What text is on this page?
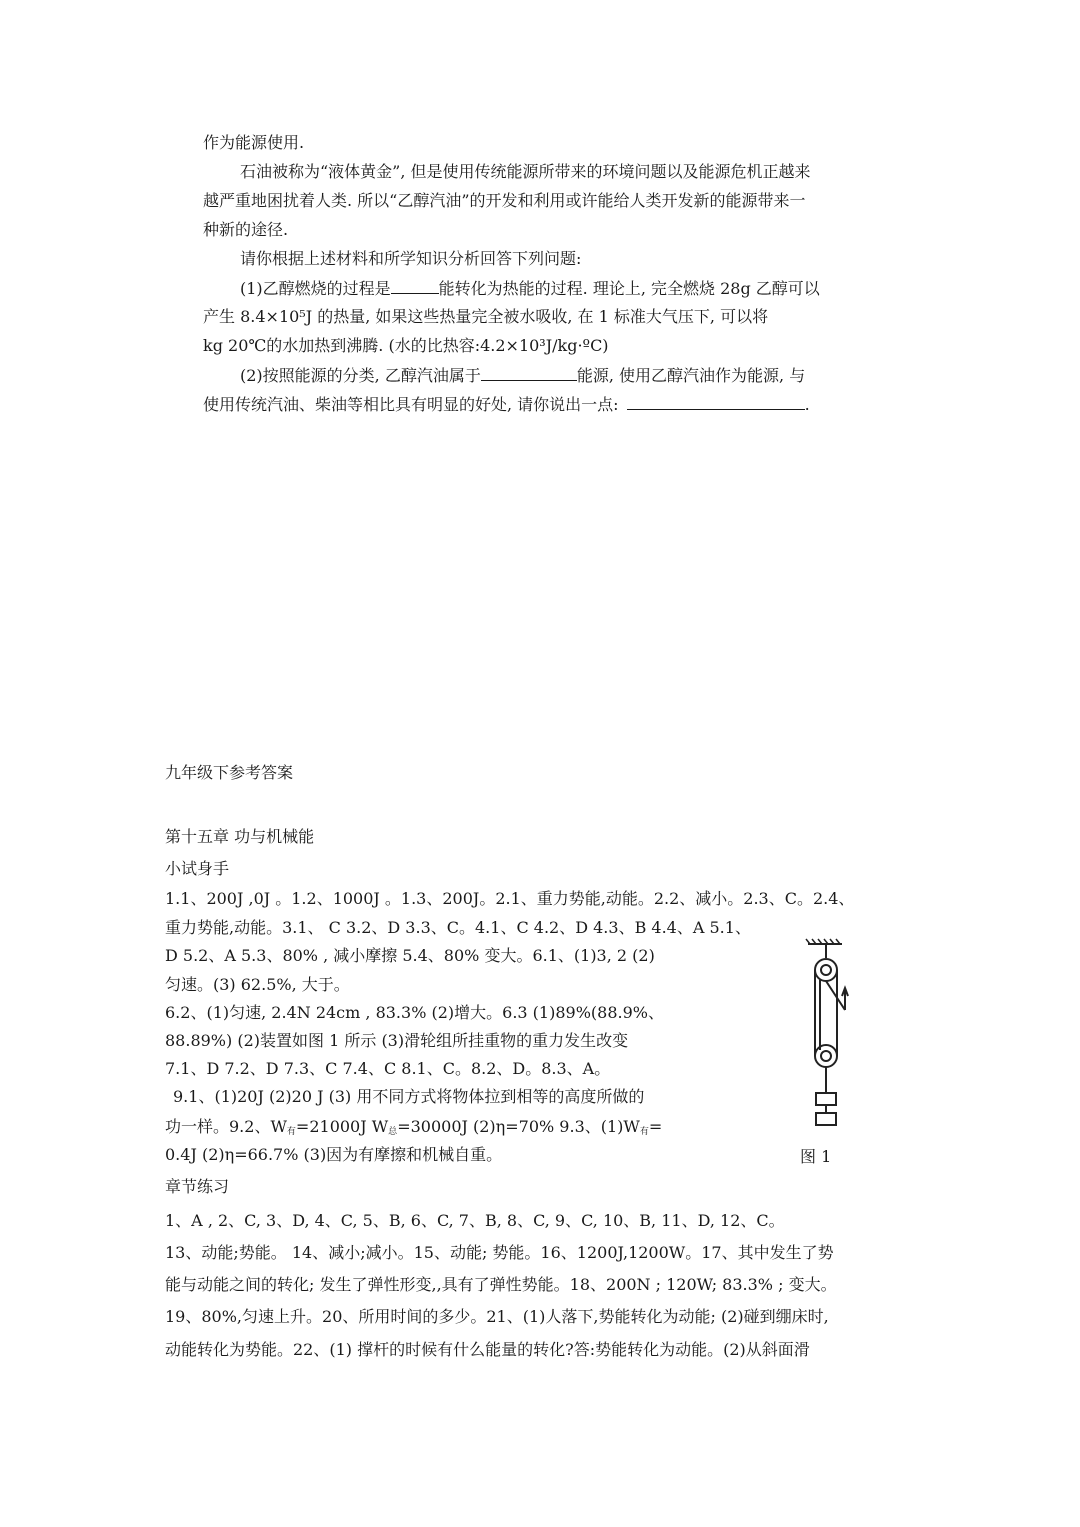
作为能源使用.
石油被称为“液体黄金”, 但是使用传统能源所带来的环境问题以及能源危机正越来
越严重地困扰着人类. 所以“乙醇汽油”的开发和利用或许能给人类开发新的能源带来一
种新的途径.
请你根据上述材料和所学知识分析回答下列问题:
(1)乙醇燃烧的过程是	能转化为热能的过程. 理论上, 完全燃烧 28g 乙醇可以
产生 8.4×10⁵J 的热量, 如果这些热量完全被水吸收, 在 1 标准大气压下, 可以将
kg 20℃的水加热到沸腾. (水的比热容:4.2×10³J/kg·ºC)
(2)按照能源的分类, 乙醇汽油属于	能源, 使用乙醇汽油作为能源, 与
使用传统汽油、柴油等相比具有明显的好处, 请你说出一点:	.
九年级下参考答案
第十五章 功与机械能
小试身手
1.1、200J ,0J 。1.2、1000J 。1.3、200J。2.1、重力势能,动能。2.2、减小。2.3、C。2.4、
重力势能,动能。3.1、 C 3.2、D 3.3、C。4.1、C 4.2、D 4.3、B 4.4、A 5.1、
D 5.2、A 5.3、80% , 减小摩擦 5.4、80% 变大。6.1、(1)3, 2 (2)
匀速。(3) 62.5%, 大于。
6.2、(1)匀速, 2.4N 24cm , 83.3% (2)增大。6.3 (1)89%(88.9%、
88.89%) (2)装置如图 1 所示 (3)滑轮组所挂重物的重力发生改变
7.1、D 7.2、D 7.3、C 7.4、C 8.1、C。8.2、D。8.3、A。
9.1、(1)20J (2)20 J (3) 用不同方式将物体拉到相等的高度所做的
功一样。9.2、$W_有=21000J$ $W_总=30000J$ (2)η=70% 9.3、$(1)W_有=$
0.4J (2)η=66.7% (3)因为有摩擦和机械自重。	图 1
章节练习
1、A , 2、C, 3、D, 4、C, 5、B, 6、C, 7、B, 8、C, 9、C, 10、B, 11、D, 12、C。
13、动能;势能。 14、减小;减小。15、动能; 势能。16、1200J,1200W。17、其中发生了势
能与动能之间的转化; 发生了弹性形变,,具有了弹性势能。18、200N ; 120W; 83.3% ; 变大。
19、80%,匀速上升。20、所用时间的多少。21、(1)人落下,势能转化为动能; (2)碰到绷床时,
动能转化为势能。22、(1) 撑杆的时候有什么能量的转化?答:势能转化为动能。(2)从斜面滑
